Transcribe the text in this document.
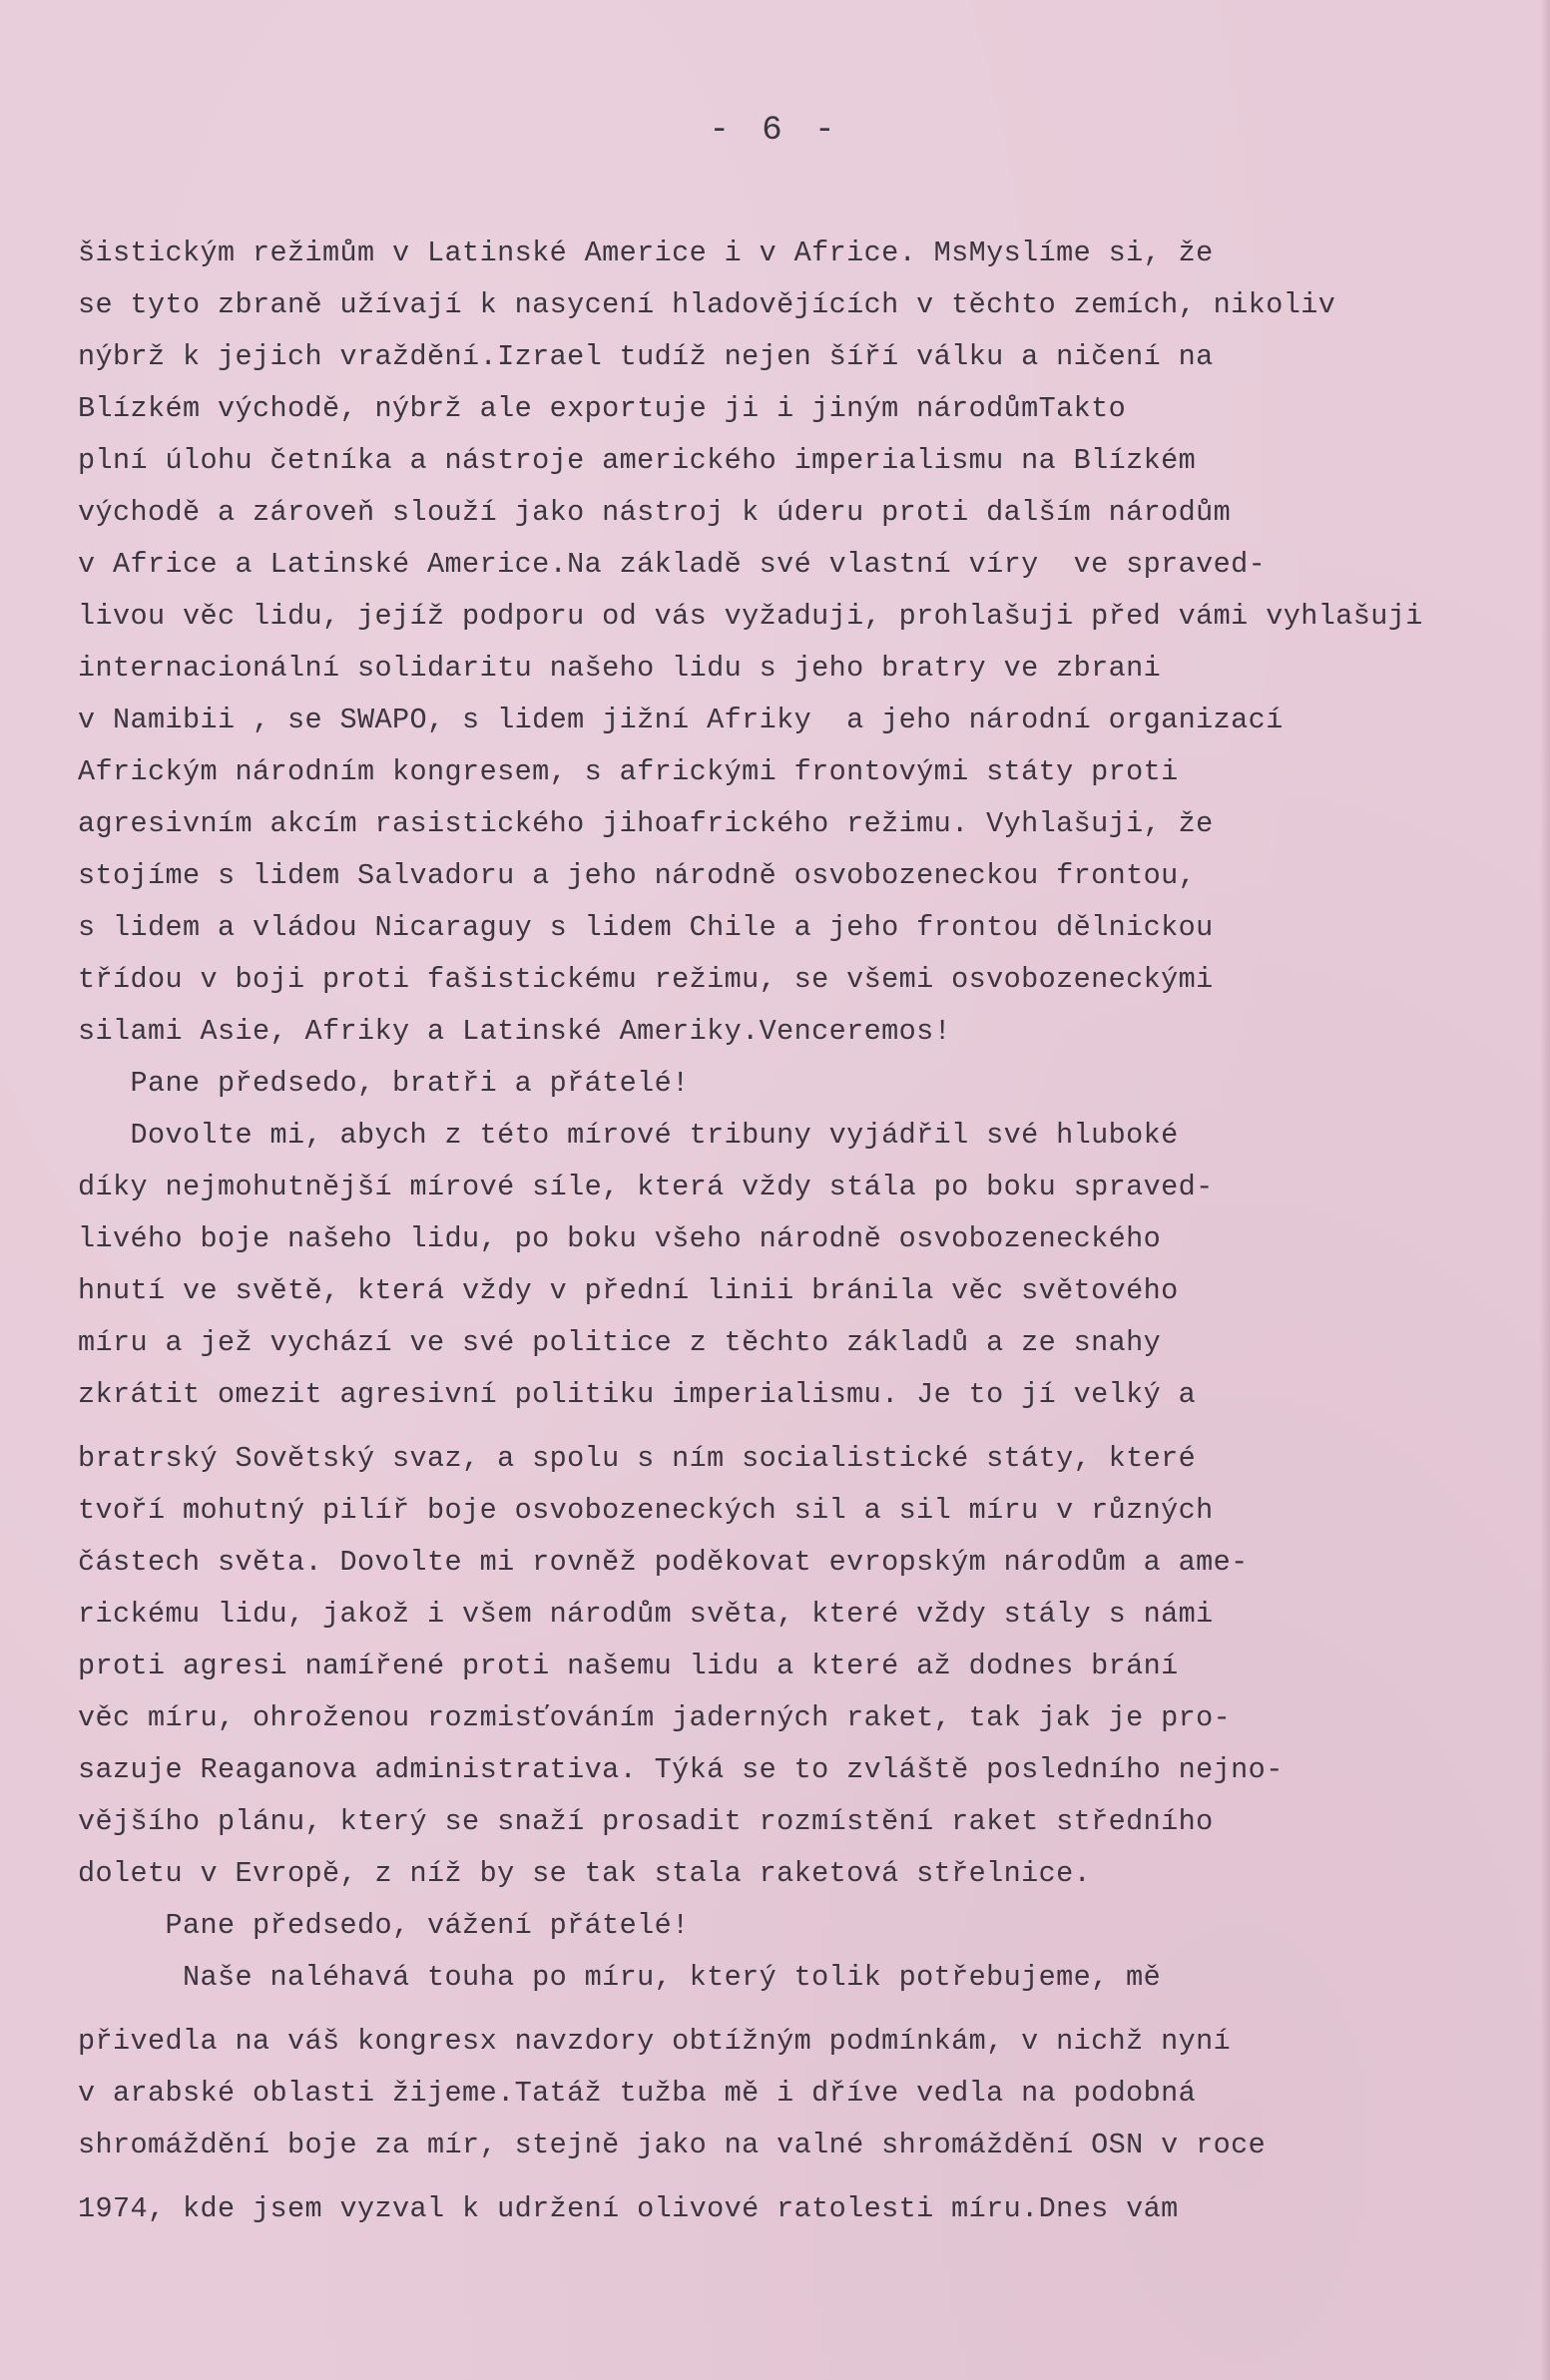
- 6 -
šistickým režimům v Latinské Americe i v Africe. MsMyslíme si, že
se tyto zbraně užívají k nasycení hladovějících v těchto zemích, nikoliv
nýbrž k jejich vraždění.Izrael tudíž nejen šíří válku a ničení na
Blízkém východě, nýbrž ale exportuje ji i jiným národůmTakto
plní úlohu četníka a nástroje amerického imperialismu na Blízkém
východě a zároveň slouží jako nástroj k úderu proti dalším národům
v Africe a Latinské Americe.Na základě své vlastní víry  ve spraved-
livou věc lidu, jejíž podporu od vás vyžaduji, prohlašuji před vámi vyhlašuji
internacionální solidaritu našeho lidu s jeho bratry ve zbrani
v Namibii , se SWAPO, s lidem jižní Afriky  a jeho národní organizací
Africkým národním kongresem, s africkými frontovými státy proti
agresivním akcím rasistického jihoafrického režimu. Vyhlašuji, že
stojíme s lidem Salvadoru a jeho národně osvobozeneckou frontou,
s lidem a vládou Nicaraguy s lidem Chile a jeho frontou dělnickou
třídou v boji proti fašistickému režimu, se všemi osvobozeneckými
silami Asie, Afriky a Latinské Ameriky.Venceremos!
Pane předsedo, bratři a přátelé!
Dovolte mi, abych z této mírové tribuny vyjádřil své hluboké
díky nejmohutnější mírové síle, která vždy stála po boku spraved-
livého boje našeho lidu, po boku všeho národně osvobozeneckého
hnutí ve světě, která vždy v přední linii bránila věc světového
míru a jež vychází ve své politice z těchto základů a ze snahy
zkrátit omezit agresivní politiku imperialismu. Je to jí velký a
bratrský Sovětský svaz, a spolu s ním socialistické státy, které
tvoří mohutný pilíř boje osvobozeneckých sil a sil míru v různých
částech světa. Dovolte mi rovněž poděkovat evropským národům a ame-
rickému lidu, jakož i všem národům světa, které vždy stály s námi
proti agresi namířené proti našemu lidu a které až dodnes brání
věc míru, ohroženou rozmisťováním jaderných raket, tak jak je pro-
sazuje Reaganova administrativa. Týká se to zvláště posledního nejno-
vějšího plánu, který se snaží prosadit rozmístění raket středního
doletu v Evropě, z níž by se tak stala raketová střelnice.
Pane předsedo, vážení přátelé!
Naše naléhavá touha po míru, který tolik potřebujeme, mě
přivedla na váš kongresx navzdory obtížným podmínkám, v nichž nyní
v arabské oblasti žijeme.Tatáž tužba mě i dříve vedla na podobná
shromáždění boje za mír, stejně jako na valné shromáždění OSN v roce
1974, kde jsem vyzval k udržení olivové ratolesti míru.Dnes vám
